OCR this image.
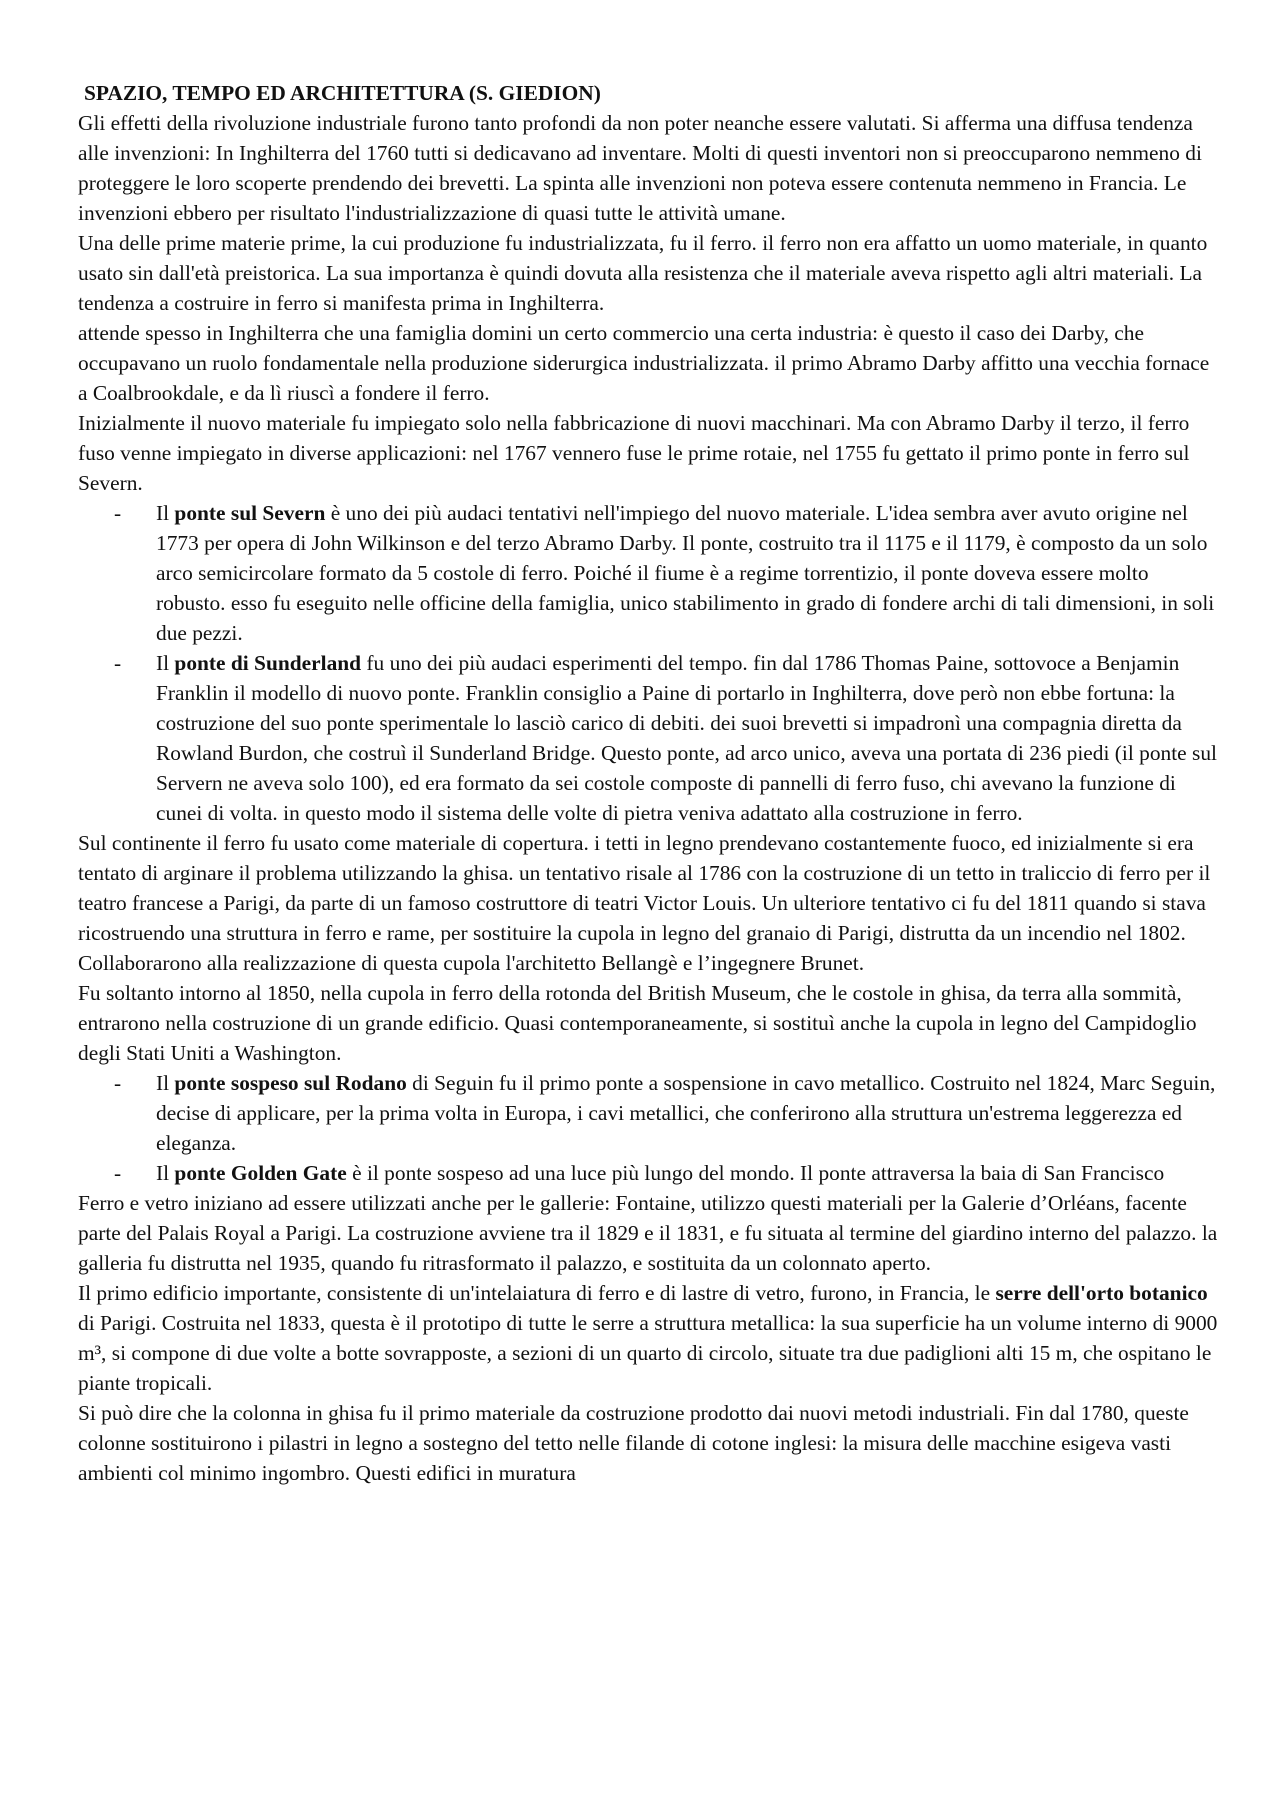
SPAZIO, TEMPO ED ARCHITETTURA (S. GIEDION)

Gli effetti della rivoluzione industriale furono tanto profondi da non poter neanche essere valutati. Si afferma una diffusa tendenza alle invenzioni: In Inghilterra del 1760 tutti si dedicavano ad inventare. Molti di questi inventori non si preoccuparono nemmeno di proteggere le loro scoperte prendendo dei brevetti. La spinta alle invenzioni non poteva essere contenuta nemmeno in Francia. Le invenzioni ebbero per risultato l'industrializzazione di quasi tutte le attività umane.

Una delle prime materie prime, la cui produzione fu industrializzata, fu il ferro. il ferro non era affatto un uomo materiale, in quanto usato sin dall'età preistorica. La sua importanza è quindi dovuta alla resistenza che il materiale aveva rispetto agli altri materiali. La tendenza a costruire in ferro si manifesta prima in Inghilterra.

attende spesso in Inghilterra che una famiglia domini un certo commercio una certa industria: è questo il caso dei Darby, che occupavano un ruolo fondamentale nella produzione siderurgica industrializzata. il primo Abramo Darby affitto una vecchia fornace a Coalbrookdale, e da lì riuscì a fondere il ferro.

Inizialmente il nuovo materiale fu impiegato solo nella fabbricazione di nuovi macchinari. Ma con Abramo Darby il terzo, il ferro fuso venne impiegato in diverse applicazioni: nel 1767 vennero fuse le prime rotaie, nel 1755 fu gettato il primo ponte in ferro sul Severn.

- Il ponte sul Severn è uno dei più audaci tentativi nell'impiego del nuovo materiale. L'idea sembra aver avuto origine nel 1773 per opera di John Wilkinson e del terzo Abramo Darby. Il ponte, costruito tra il 1175 e il 1179, è composto da un solo arco semicircolare formato da 5 costole di ferro. Poiché il fiume è a regime torrentizio, il ponte doveva essere molto robusto. esso fu eseguito nelle officine della famiglia, unico stabilimento in grado di fondere archi di tali dimensioni, in soli due pezzi.
- Il ponte di Sunderland fu uno dei più audaci esperimenti del tempo. fin dal 1786 Thomas Paine, sottovoce a Benjamin Franklin il modello di nuovo ponte. Franklin consiglio a Paine di portarlo in Inghilterra, dove però non ebbe fortuna: la costruzione del suo ponte sperimentale lo lasciò carico di debiti. dei suoi brevetti si impadronì una compagnia diretta da Rowland Burdon, che costruì il Sunderland Bridge. Questo ponte, ad arco unico, aveva una portata di 236 piedi (il ponte sul Servern ne aveva solo 100), ed era formato da sei costole composte di pannelli di ferro fuso, chi avevano la funzione di cunei di volta. in questo modo il sistema delle volte di pietra veniva adattato alla costruzione in ferro.

Sul continente il ferro fu usato come materiale di copertura. i tetti in legno prendevano costantemente fuoco, ed inizialmente si era tentato di arginare il problema utilizzando la ghisa. un tentativo risale al 1786 con la costruzione di un tetto in traliccio di ferro per il teatro francese a Parigi, da parte di un famoso costruttore di teatri Victor Louis. Un ulteriore tentativo ci fu del 1811 quando si stava ricostruendo una struttura in ferro e rame, per sostituire la cupola in legno del granaio di Parigi, distrutta da un incendio nel 1802. Collaborarono alla realizzazione di questa cupola l'architetto Bellangè e l’ingegnere Brunet.

Fu soltanto intorno al 1850, nella cupola in ferro della rotonda del British Museum, che le costole in ghisa, da terra alla sommità, entrarono nella costruzione di un grande edificio. Quasi contemporaneamente, si sostituì anche la cupola in legno del Campidoglio degli Stati Uniti a Washington.

- Il ponte sospeso sul Rodano di Seguin fu il primo ponte a sospensione in cavo metallico. Costruito nel 1824, Marc Seguin, decise di applicare, per la prima volta in Europa, i cavi metallici, che conferirono alla struttura un'estrema leggerezza ed eleganza.
- Il ponte Golden Gate è il ponte sospeso ad una luce più lungo del mondo. Il ponte attraversa la baia di San Francisco

Ferro e vetro iniziano ad essere utilizzati anche per le gallerie: Fontaine, utilizzo questi materiali per la Galerie d’Orléans, facente parte del Palais Royal a Parigi. La costruzione avviene tra il 1829 e il 1831, e fu situata al termine del giardino interno del palazzo. la galleria fu distrutta nel 1935, quando fu ritrasformato il palazzo, e sostituita da un colonnato aperto.

Il primo edificio importante, consistente di un'intelaiatura di ferro e di lastre di vetro, furono, in Francia, le serre dell'orto botanico di Parigi. Costruita nel 1833, questa è il prototipo di tutte le serre a struttura metallica: la sua superficie ha un volume interno di 9000 m³, si compone di due volte a botte sovrapposte, a sezioni di un quarto di circolo, situate tra due padiglioni alti 15 m, che ospitano le piante tropicali.

Si può dire che la colonna in ghisa fu il primo materiale da costruzione prodotto dai nuovi metodi industriali. Fin dal 1780, queste colonne sostituirono i pilastri in legno a sostegno del tetto nelle filande di cotone inglesi: la misura delle macchine esigeva vasti ambienti col minimo ingombro. Questi edifici in muratura
